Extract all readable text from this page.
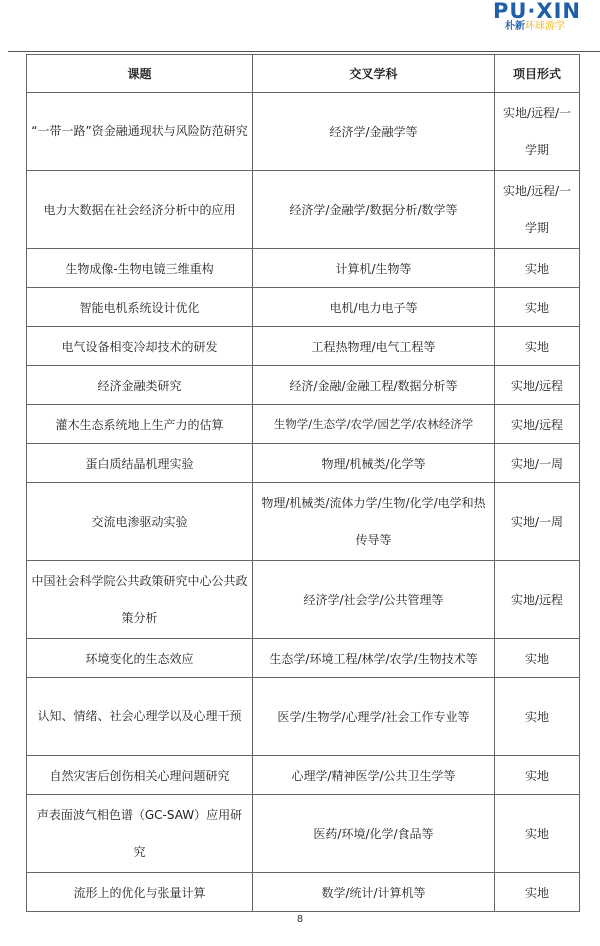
PU∙XIN
朴新环球游学
课题	交叉学科	项目形式
“一带一路”资金融通现状与风险防范研究	经济学/金融学等	实地/远程/一学期
电力大数据在社会经济分析中的应用	经济学/金融学/数据分析/数学等	实地/远程/一学期
生物成像-生物电镜三维重构	计算机/生物等	实地
智能电机系统设计优化	电机/电力电子等	实地
电气设备相变冷却技术的研发	工程热物理/电气工程等	实地
经济金融类研究	经济/金融/金融工程/数据分析等	实地/远程
灌木生态系统地上生产力的估算	生物学/生态学/农学/园艺学/农林经济学	实地/远程
蛋白质结晶机理实验	物理/机械类/化学等	实地/一周
交流电渗驱动实验	物理/机械类/流体力学/生物/化学/电学和热传导等	实地/一周
中国社会科学院公共政策研究中心公共政策分析	经济学/社会学/公共管理等	实地/远程
环境变化的生态效应	生态学/环境工程/林学/农学/生物技术等	实地
认知、情绪、社会心理学以及心理干预	医学/生物学/心理学/社会工作专业等	实地
自然灾害后创伤相关心理问题研究	心理学/精神医学/公共卫生学等	实地
声表面波气相色谱（GC-SAW）应用研究	医药/环境/化学/食品等	实地
流形上的优化与张量计算	数学/统计/计算机等	实地
8
